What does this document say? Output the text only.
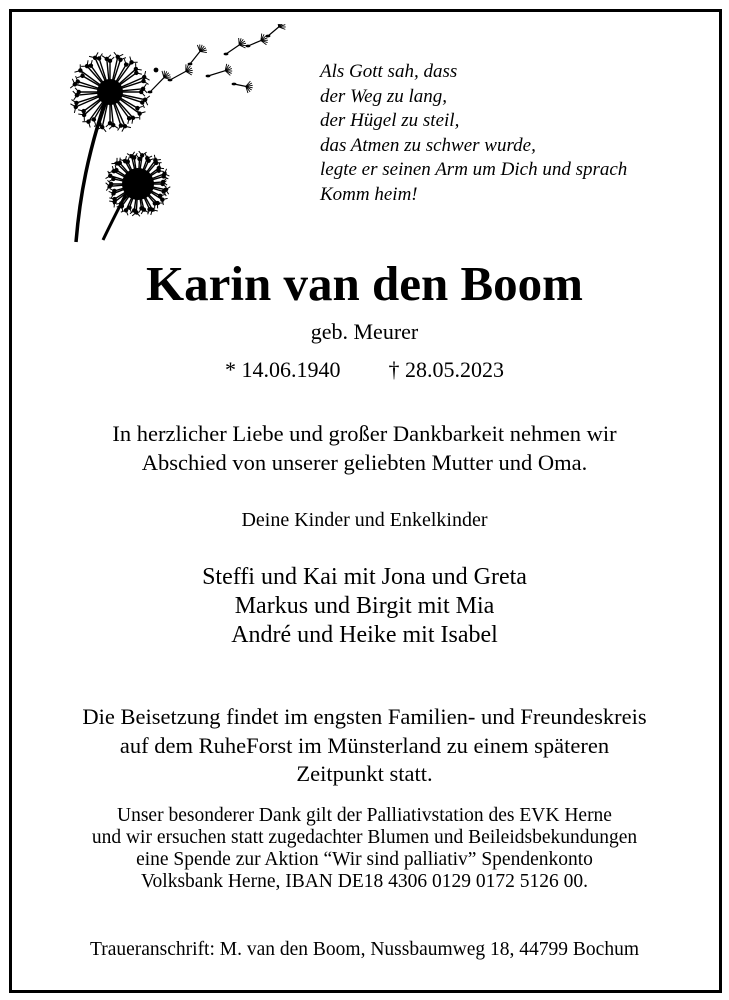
Als Gott sah, dass
der Weg zu lang,
der Hügel zu steil,
das Atmen zu schwer wurde,
legte er seinen Arm um Dich und sprach
Komm heim!
Karin van den Boom
geb. Meurer
* 14.06.1940 † 28.05.2023
In herzlicher Liebe und großer Dankbarkeit nehmen wir
Abschied von unserer geliebten Mutter und Oma.
Deine Kinder und Enkelkinder
Steffi und Kai mit Jona und Greta
Markus und Birgit mit Mia
André und Heike mit Isabel
Die Beisetzung findet im engsten Familien- und Freundeskreis
auf dem RuheForst im Münsterland zu einem späteren
Zeitpunkt statt.
Unser besonderer Dank gilt der Palliativstation des EVK Herne
und wir ersuchen statt zugedachter Blumen und Beileidsbekundungen
eine Spende zur Aktion “Wir sind palliativ” Spendenkonto
Volksbank Herne, IBAN DE18 4306 0129 0172 5126 00.
Traueranschrift: M. van den Boom, Nussbaumweg 18, 44799 Bochum
